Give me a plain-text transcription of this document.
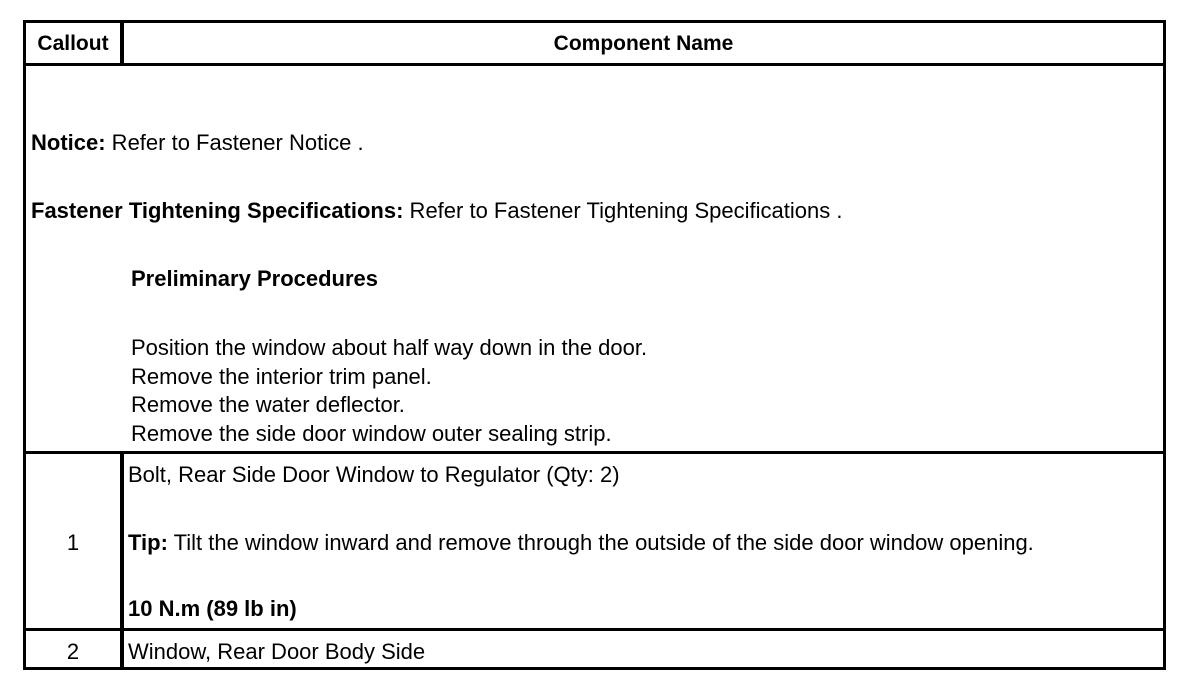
Callout	Component Name
Notice: Refer to Fastener Notice .
Fastener Tightening Specifications: Refer to Fastener Tightening Specifications .
Preliminary Procedures
Position the window about half way down in the door.
Remove the interior trim panel.
Remove the water deflector.
Remove the side door window outer sealing strip.
1
Bolt, Rear Side Door Window to Regulator (Qty: 2)
Tip: Tilt the window inward and remove through the outside of the side door window opening.
10 N.m (89 lb in)
2	Window, Rear Door Body Side
